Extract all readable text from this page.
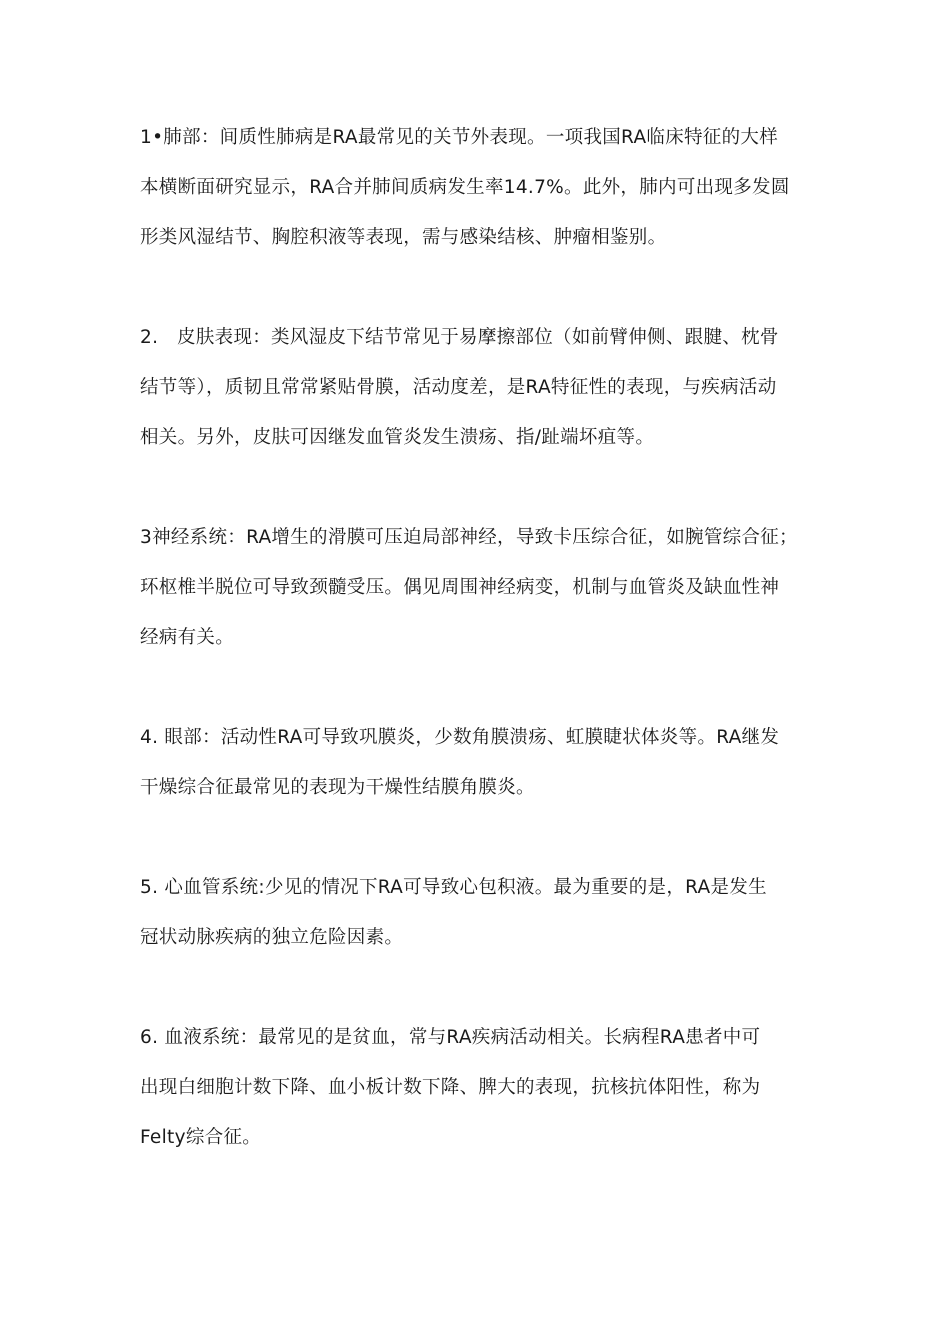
1•肺部：间质性肺病是RA最常见的关节外表现。一项我国RA临床特征的大样
本横断面研究显示，RA合并肺间质病发生率14.7%。此外，肺内可出现多发圆
形类风湿结节、胸腔积液等表现，需与感染结核、肿瘤相鉴别。
2.　皮肤表现：类风湿皮下结节常见于易摩擦部位（如前臂伸侧、跟腱、枕骨
结节等），质韧且常常紧贴骨膜，活动度差，是RA特征性的表现，与疾病活动
相关。另外，皮肤可因继发血管炎发生溃疡、指/趾端坏疽等。
3神经系统：RA增生的滑膜可压迫局部神经，导致卡压综合征，如腕管综合征；
环枢椎半脱位可导致颈髓受压。偶见周围神经病变，机制与血管炎及缺血性神
经病有关。
4. 眼部：活动性RA可导致巩膜炎，少数角膜溃疡、虹膜睫状体炎等。RA继发
干燥综合征最常见的表现为干燥性结膜角膜炎。
5. 心血管系统:少见的情况下RA可导致心包积液。最为重要的是，RA是发生
冠状动脉疾病的独立危险因素。
6. 血液系统：最常见的是贫血，常与RA疾病活动相关。长病程RA患者中可
出现白细胞计数下降、血小板计数下降、脾大的表现，抗核抗体阳性，称为
Felty综合征。
